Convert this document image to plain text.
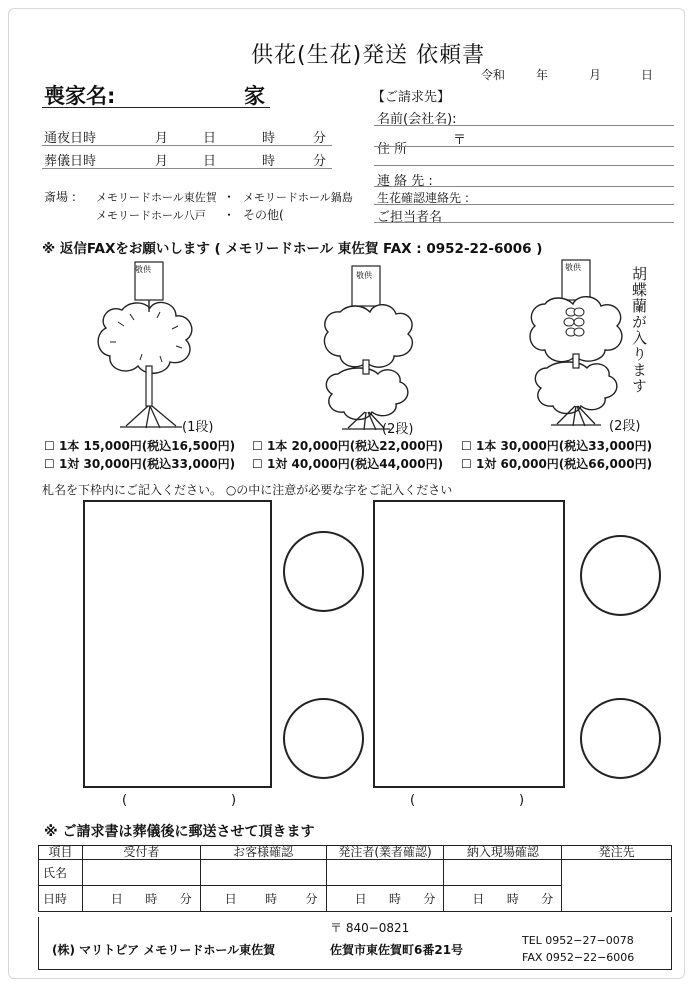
供花(生花)発送 依頼書
令和	年	月	日
喪家名:	家
通夜日時	月	日	時	分
葬儀日時	月	日	時	分
斎場 : メモリードホール東佐賀 ・ メモリードホール鍋島
メモリードホール八戸 ・ その他(
【ご請求先】
名前(会社名):
〒
住 所
連 絡 先 :
生花確認連絡先 :
ご担当者名
※ 返信FAXをお願いします ( メモリードホール 東佐賀 FAX : 0952-22-6006 )
敬供
(1段)
敬供
(2段)
敬供	胡蝶蘭が入ります
(2段)
☐ 1本 15,000円(税込16,500円)
☐ 1対 30,000円(税込33,000円)
☐ 1本 20,000円(税込22,000円)
☐ 1対 40,000円(税込44,000円)
☐ 1本 30,000円(税込33,000円)
☐ 1対 60,000円(税込66,000円)
札名を下枠内にご記入ください。 ○の中に注意が必要な字をご記入ください
(	)	(	)
※ ご請求書は葬儀後に郵送させて頂きます
項目	受付者	お客様確認	発注者(業者確認)	納入現場確認	発注先
氏名					
日時	日 時 分	日 時 分	日 時 分	日 時 分	
〒 840−0821
(株) マリトピア メモリードホール東佐賀	佐賀市東佐賀町6番21号
TEL 0952−27−0078
FAX 0952−22−6006
